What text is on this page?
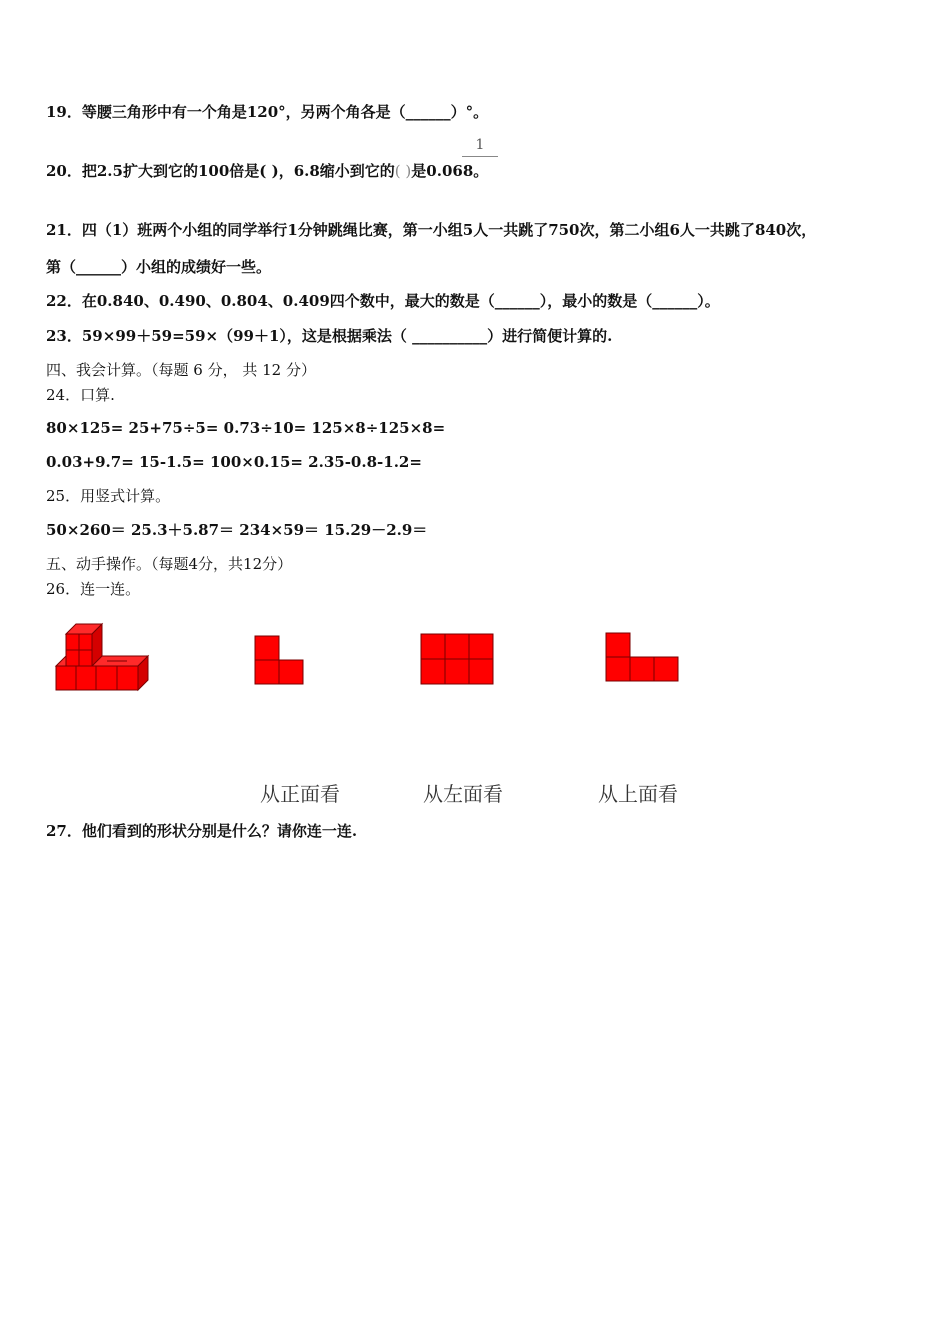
19．等腰三角形中有一个角是120°，另两个角各是（______）°。
20．把2.5扩大到它的100倍是( )，6.8缩小到它的( )是0.068。
1
21．四（1）班两个小组的同学举行1分钟跳绳比赛，第一小组5人一共跳了750次，第二小组6人一共跳了840次，
第（______）小组的成绩好一些。
22．在0.840、0.490、0.804、0.409四个数中，最大的数是（______），最小的数是（______）。
23．59×99＋59=59×（99＋1），这是根据乘法（ __________）进行简便计算的.
四、我会计算。（每题 6 分， 共 12 分）
24．口算.
80×125= 25+75÷5= 0.73÷10= 125×8÷125×8=
0.03+9.7= 15-1.5= 100×0.15= 2.35-0.8-1.2=
25．用竖式计算。
50×260＝ 25.3＋5.87＝ 234×59＝ 15.29－2.9＝
五、动手操作。（每题4分，共12分）
26．连一连。
从正面看	从左面看	从上面看
27．他们看到的形状分别是什么？请你连一连.
